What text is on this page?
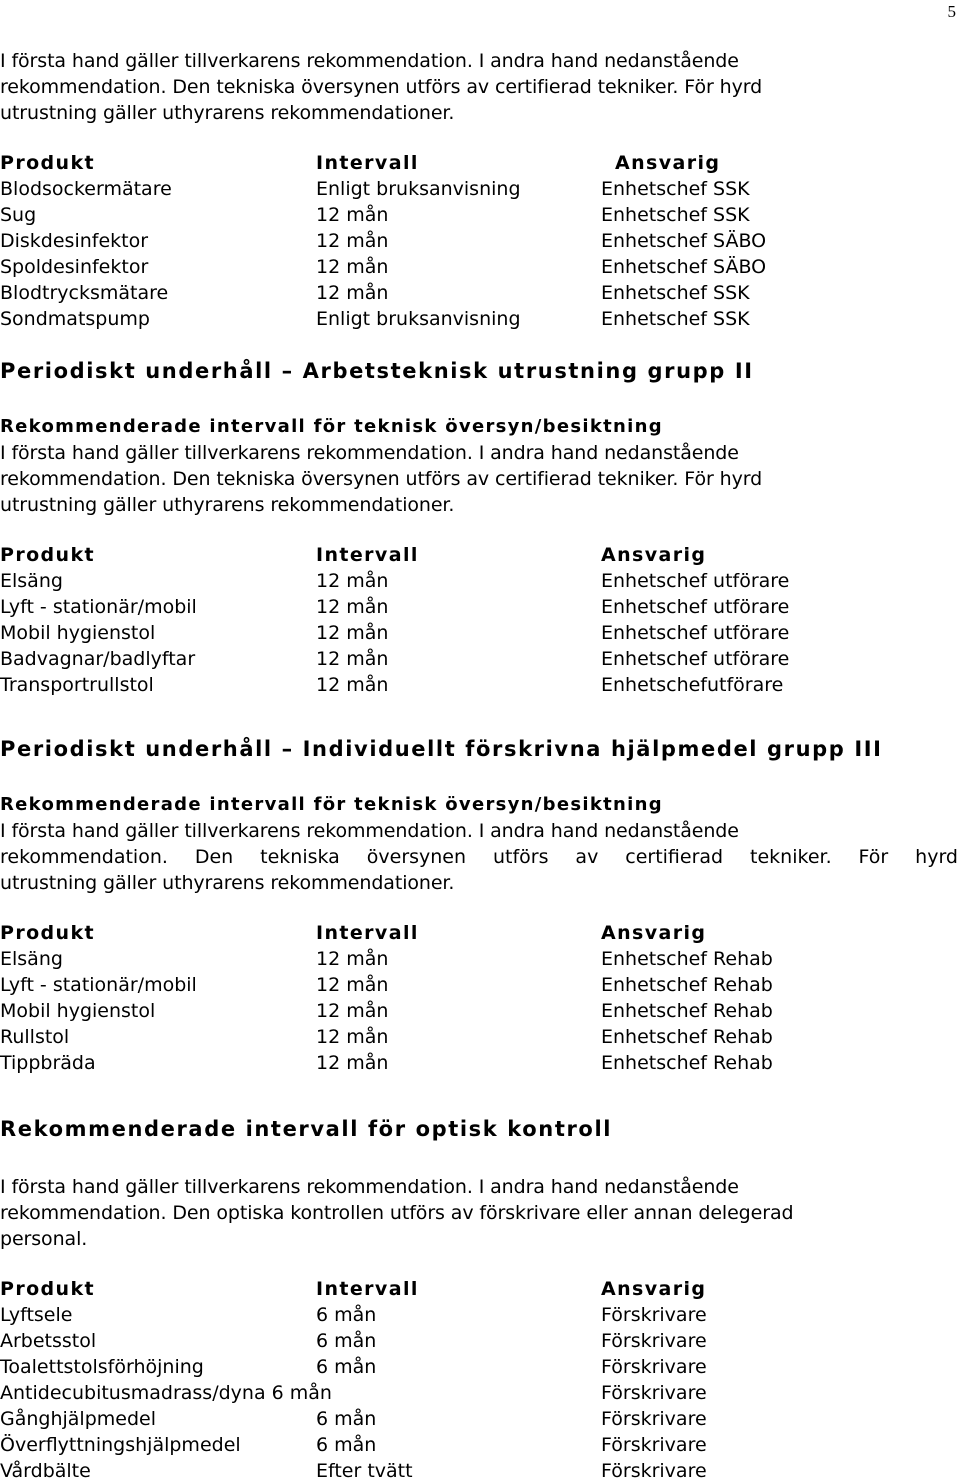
5
I första hand gäller tillverkarens rekommendation. I andra hand nedanstående
rekommendation. Den tekniska översynen utförs av certifierad tekniker. För hyrd
utrustning gäller uthyrarens rekommendationer.
Produkt	Intervall	Ansvarig
Blodsockermätare	Enligt bruksanvisning	Enhetschef SSK
Sug	12 mån	Enhetschef SSK
Diskdesinfektor	12 mån	Enhetschef SÄBO
Spoldesinfektor	12 mån	Enhetschef SÄBO
Blodtrycksmätare	12 mån	Enhetschef SSK
Sondmatspump	Enligt bruksanvisning	Enhetschef SSK
Periodiskt underhåll – Arbetsteknisk utrustning grupp II
Rekommenderade intervall för teknisk översyn/besiktning
I första hand gäller tillverkarens rekommendation. I andra hand nedanstående
rekommendation. Den tekniska översynen utförs av certifierad tekniker. För hyrd
utrustning gäller uthyrarens rekommendationer.
Produkt	Intervall	Ansvarig
Elsäng	12 mån	Enhetschef utförare
Lyft - stationär/mobil	12 mån	Enhetschef utförare
Mobil hygienstol	12 mån	Enhetschef utförare
Badvagnar/badlyftar	12 mån	Enhetschef utförare
Transportrullstol	12 mån	Enhetschefutförare
Periodiskt underhåll – Individuellt förskrivna hjälpmedel grupp III
Rekommenderade intervall för teknisk översyn/besiktning
I första hand gäller tillverkarens rekommendation. I andra hand nedanstående
rekommendation. Den tekniska översynen utförs av certifierad tekniker. För hyrd
utrustning gäller uthyrarens rekommendationer.
Produkt	Intervall	Ansvarig
Elsäng	12 mån	Enhetschef Rehab
Lyft - stationär/mobil	12 mån	Enhetschef Rehab
Mobil hygienstol	12 mån	Enhetschef Rehab
Rullstol	12 mån	Enhetschef Rehab
Tippbräda	12 mån	Enhetschef Rehab
Rekommenderade intervall för optisk kontroll
I första hand gäller tillverkarens rekommendation. I andra hand nedanstående
rekommendation. Den optiska kontrollen utförs av förskrivare eller annan delegerad
personal.
Produkt	Intervall	Ansvarig
Lyftsele	6 mån	Förskrivare
Arbetsstol	6 mån	Förskrivare
Toalettstolsförhöjning	6 mån	Förskrivare
Antidecubitusmadrass/dyna 6 mån	Förskrivare
Gånghjälpmedel	6 mån	Förskrivare
Överflyttningshjälpmedel	6 mån	Förskrivare
Vårdbälte	Efter tvätt	Förskrivare
